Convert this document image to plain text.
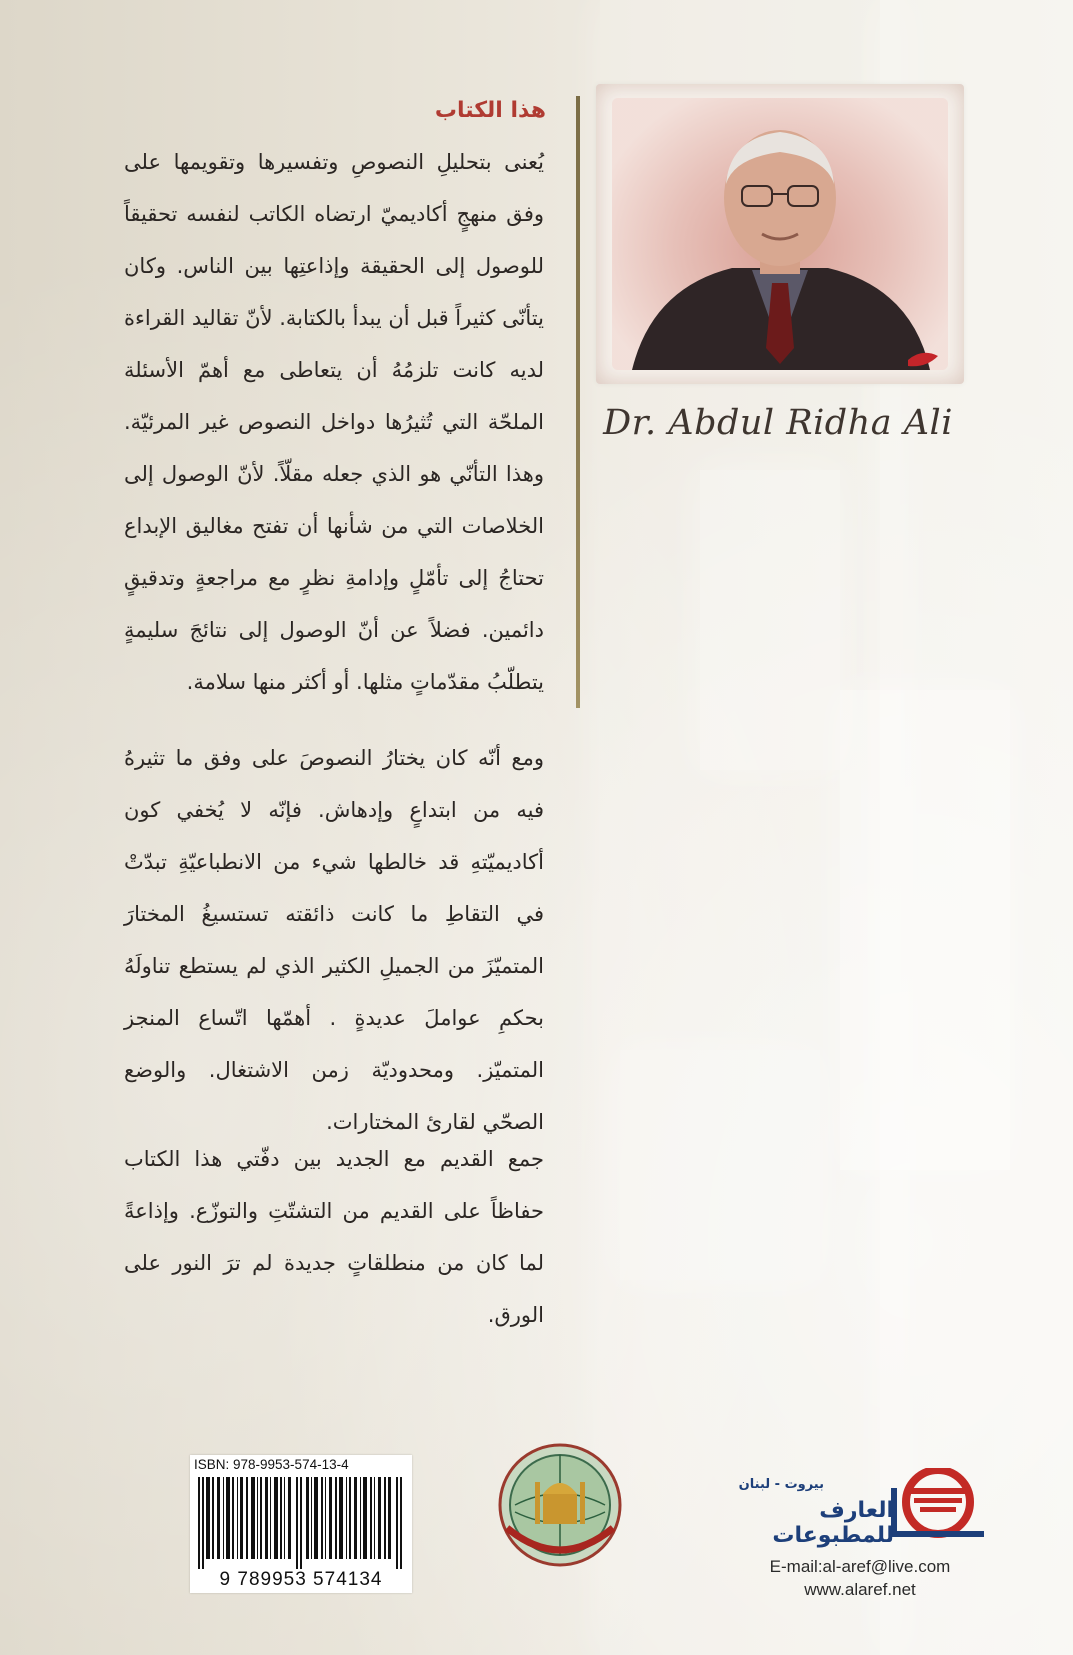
هذا الكتاب

يُعنى بتحليلِ النصوصِ وتفسيرها وتقويمها على وفق منهجٍ أكاديميّ ارتضاه الكاتب لنفسه تحقيقاً للوصول إلى الحقيقة وإذاعتِها بين الناس. وكان يتأنّى كثيراً قبل أن يبدأ بالكتابة. لأنّ تقاليد القراءة لديه كانت تلزمُهُ أن يتعاطى مع أهمّ الأسئلة الملحّة التي تُثيرُها دواخل النصوص غير المرئيّة. وهذا التأنّي هو الذي جعله مقلّاً. لأنّ الوصول إلى الخلاصات التي من شأنها أن تفتح مغاليق الإبداع تحتاجُ إلى تأمّلٍ وإدامةِ نظرٍ مع مراجعةٍ وتدقيقٍ دائمين. فضلاً عن أنّ الوصول إلى نتائجَ سليمةٍ يتطلّبُ مقدّماتٍ مثلها. أو أكثر منها سلامة.

ومع أنّه كان يختارُ النصوصَ على وفق ما تثيرهُ فيه من ابتداعٍ وإدهاش. فإنّه لا يُخفي كون أكاديميّتهِ قد خالطها شيء من الانطباعيّةِ تبدّتْ في التقاطِ ما كانت ذائقته تستسيغُ المختارَ المتميّزَ من الجميلِ الكثير الذي لم يستطع تناولَهُ بحكمِ عواملَ عديدةٍ . أهمّها اتّساع المنجز المتميّز. ومحدوديّة زمن الاشتغال. والوضع الصحّي لقارئ المختارات.

جمع القديم مع الجديد بين دفّتي هذا الكتاب حفاظاً على القديم من التشتّتِ والتوزّع. وإذاعةً لما كان من منطلقاتٍ جديدة لم ترَ النور على الورق.

Dr. Abdul Ridha Ali
ISBN: 978-9953-574-13-4
9 789953 574134
بيروت - لبنان
العارف للمطبوعات
E-mail:al-aref@live.com
www.alaref.net
